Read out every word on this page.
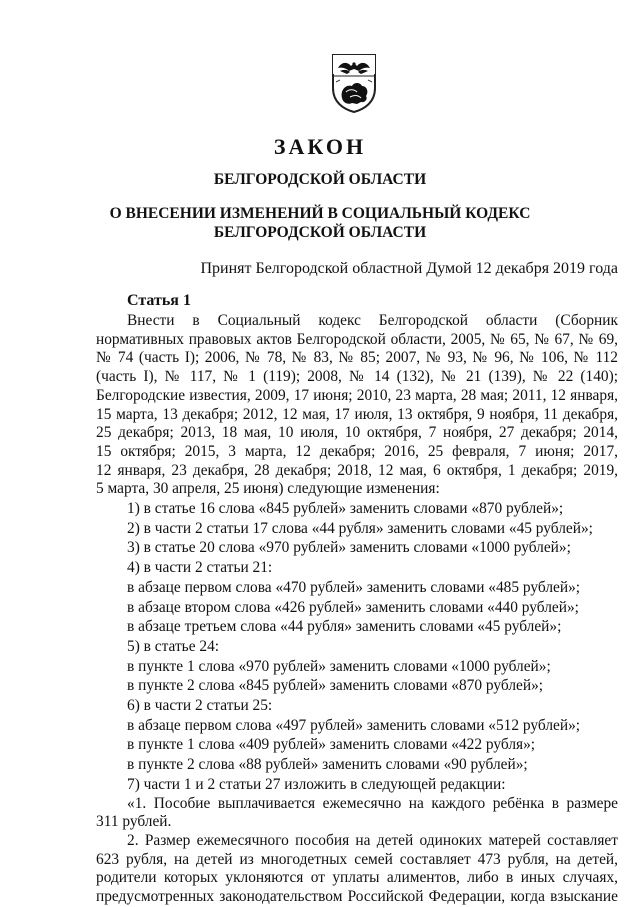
ЗАКОН
БЕЛГОРОДСКОЙ ОБЛАСТИ
О ВНЕСЕНИИ ИЗМЕНЕНИЙ В СОЦИАЛЬНЫЙ КОДЕКС
БЕЛГОРОДСКОЙ ОБЛАСТИ
Принят Белгородской областной Думой 12 декабря 2019 года
Статья 1
Внести в Социальный кодекс Белгородской области (Сборник
нормативных правовых актов Белгородской области, 2005, № 65, № 67, № 69,
№ 74 (часть I); 2006, № 78, № 83, № 85; 2007, № 93, № 96, № 106, № 112
(часть I), № 117, № 1 (119); 2008, № 14 (132), № 21 (139), № 22 (140);
Белгородские известия, 2009, 17 июня; 2010, 23 марта, 28 мая; 2011, 12 января,
15 марта, 13 декабря; 2012, 12 мая, 17 июля, 13 октября, 9 ноября, 11 декабря,
25 декабря; 2013, 18 мая, 10 июля, 10 октября, 7 ноября, 27 декабря; 2014,
15 октября; 2015, 3 марта, 12 декабря; 2016, 25 февраля, 7 июня; 2017,
12 января, 23 декабря, 28 декабря; 2018, 12 мая, 6 октября, 1 декабря; 2019,
5 марта, 30 апреля, 25 июня) следующие изменения:
1) в статье 16 слова «845 рублей» заменить словами «870 рублей»;
2) в части 2 статьи 17 слова «44 рубля» заменить словами «45 рублей»;
3) в статье 20 слова «970 рублей» заменить словами «1000 рублей»;
4) в части 2 статьи 21:
в абзаце первом слова «470 рублей» заменить словами «485 рублей»;
в абзаце втором слова «426 рублей» заменить словами «440 рублей»;
в абзаце третьем слова «44 рубля» заменить словами «45 рублей»;
5) в статье 24:
в пункте 1 слова «970 рублей» заменить словами «1000 рублей»;
в пункте 2 слова «845 рублей» заменить словами «870 рублей»;
6) в части 2 статьи 25:
в абзаце первом слова «497 рублей» заменить словами «512 рублей»;
в пункте 1 слова «409 рублей» заменить словами «422 рубля»;
в пункте 2 слова «88 рублей» заменить словами «90 рублей»;
7) части 1 и 2 статьи 27 изложить в следующей редакции:
«1. Пособие выплачивается ежемесячно на каждого ребёнка в размере
311 рублей.
2. Размер ежемесячного пособия на детей одиноких матерей составляет
623 рубля, на детей из многодетных семей составляет 473 рубля, на детей,
родители которых уклоняются от уплаты алиментов, либо в иных случаях,
предусмотренных законодательством Российской Федерации, когда взыскание
